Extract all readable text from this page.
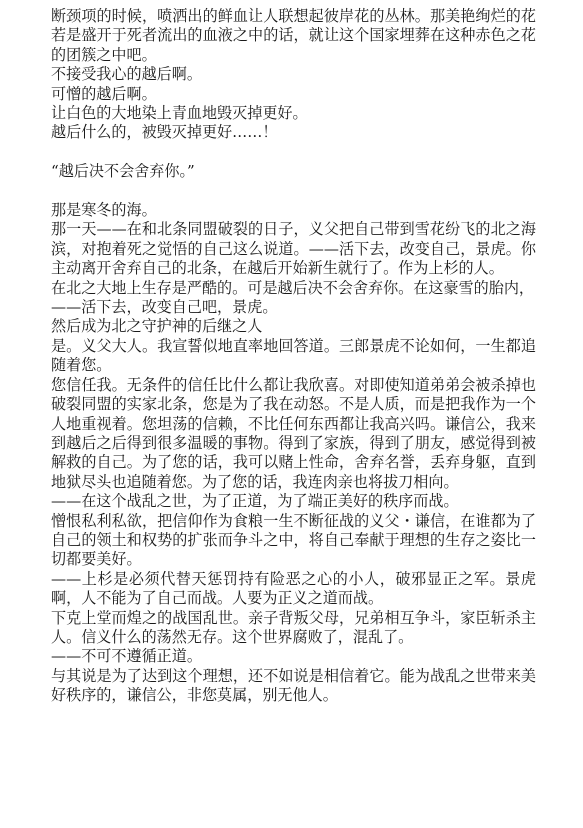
断颈项的时候，喷洒出的鲜血让人联想起彼岸花的丛林。那美艳绚烂的花若是盛开于死者流出的血液之中的话，就让这个国家埋葬在这种赤色之花的团簇之中吧。

不接受我心的越后啊。

可憎的越后啊。

让白色的大地染上青血地毁灭掉更好。

越后什么的，被毁灭掉更好……！

“越后决不会舍弃你。”

那是寒冬的海。

那一天——在和北条同盟破裂的日子，义父把自己带到雪花纷飞的北之海滨，对抱着死之觉悟的自己这么说道。——活下去，改变自己，景虎。你主动离开舍弃自己的北条，在越后开始新生就行了。作为上杉的人。

在北之大地上生存是严酷的。可是越后决不会舍弃你。在这豪雪的胎内，

——活下去，改变自己吧，景虎。

然后成为北之守护神的后继之人

是。义父大人。我宣誓似地直率地回答道。三郎景虎不论如何，一生都追随着您。

您信任我。无条件的信任比什么都让我欣喜。对即使知道弟弟会被杀掉也破裂同盟的实家北条，您是为了我在动怒。不是人质，而是把我作为一个人地重视着。您坦荡的信赖，不比任何东西都让我高兴吗。谦信公，我来到越后之后得到很多温暖的事物。得到了家族，得到了朋友，感觉得到被解救的自己。为了您的话，我可以赌上性命，舍弃名誉，丢弃身躯，直到地狱尽头也追随着您。为了您的话，我连肉亲也将拔刀相向。

——在这个战乱之世，为了正道，为了端正美好的秩序而战。

憎恨私利私欲，把信仰作为食粮一生不断征战的义父・谦信，在谁都为了自己的领土和权势的扩张而争斗之中，将自己奉献于理想的生存之姿比一切都要美好。

——上杉是必须代替天惩罚持有险恶之心的小人，破邪显正之军。景虎啊，人不能为了自己而战。人要为正义之道而战。

下克上堂而煌之的战国乱世。亲子背叛父母，兄弟相互争斗，家臣斩杀主人。信义什么的荡然无存。这个世界腐败了，混乱了。

——不可不遵循正道。

与其说是为了达到这个理想，还不如说是相信着它。能为战乱之世带来美好秩序的，谦信公，非您莫属，别无他人。
